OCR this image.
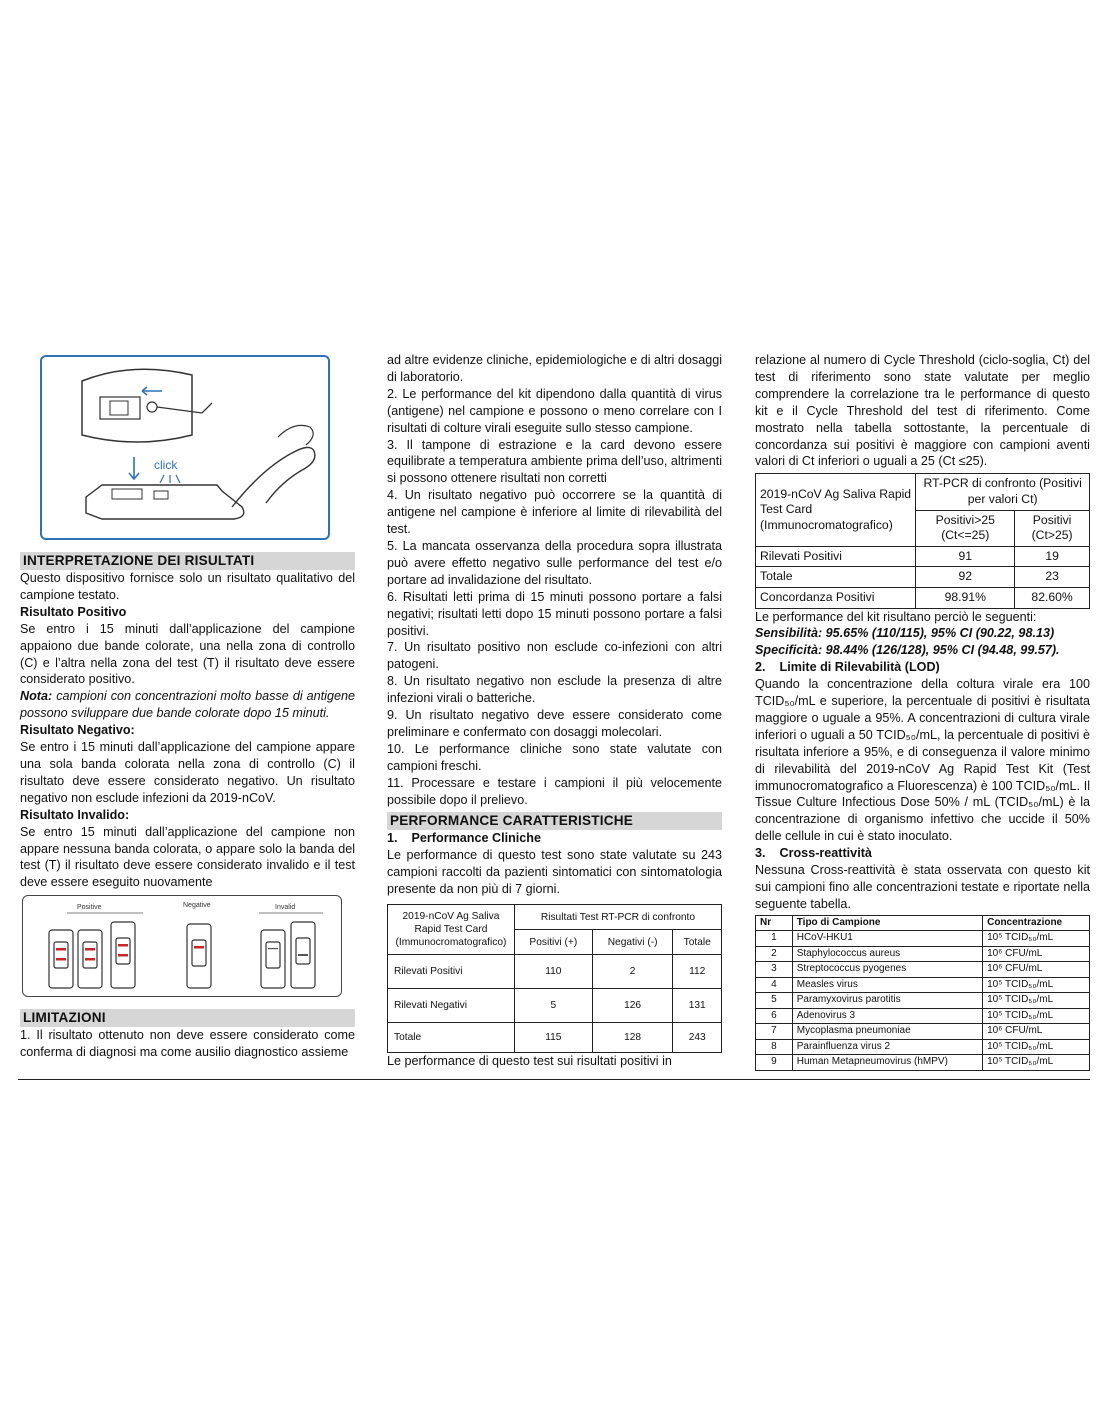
click

INTERPRETAZIONE DEI RISULTATI

Questo dispositivo fornisce solo un risultato qualitativo del campione testato.

Risultato Positivo

Se entro i 15 minuti dall’applicazione del campione appaiono due bande colorate, una nella zona di controllo (C) e l’altra nella zona del test (T) il risultato deve essere considerato positivo.

Nota: campioni con concentrazioni molto basse di antigene possono sviluppare due bande colorate dopo 15 minuti.

Risultato Negativo:

Se entro i 15 minuti dall’applicazione del campione appare una sola banda colorata nella zona di controllo (C) il risultato deve essere considerato negativo. Un risultato negativo non esclude infezioni da 2019-nCoV.

Risultato Invalido:

Se entro 15 minuti dall’applicazione del campione non appare nessuna banda colorata, o appare solo la banda del test (T) il risultato deve essere considerato invalido e il test deve essere eseguito nuovamente

Positive	Negative	Invalid

LIMITAZIONI

1. Il risultato ottenuto non deve essere considerato come conferma di diagnosi ma come ausilio diagnostico assieme

ad altre evidenze cliniche, epidemiologiche e di altri dosaggi di laboratorio.

2. Le performance del kit dipendono dalla quantità di virus (antigene) nel campione e possono o meno correlare con I risultati di colture virali eseguite sullo stesso campione.

3. Il tampone di estrazione e la card devono essere equilibrate a temperatura ambiente prima dell’uso, altrimenti si possono ottenere risultati non corretti

4. Un risultato negativo può occorrere se la quantità di antigene nel campione è inferiore al limite di rilevabilità del test.

5. La mancata osservanza della procedura sopra illustrata può avere effetto negativo sulle performance del test e/o portare ad invalidazione del risultato.

6. Risultati letti prima di 15 minuti possono portare a falsi negativi; risultati letti dopo 15 minuti possono portare a falsi positivi.

7. Un risultato positivo non esclude co-infezioni con altri patogeni.

8. Un risultato negativo non esclude la presenza di altre infezioni virali o batteriche.

9. Un risultato negativo deve essere considerato come preliminare e confermato con dosaggi molecolari.

10. Le performance cliniche sono state valutate con campioni freschi.

11. Processare e testare i campioni il più velocemente possibile dopo il prelievo.

PERFORMANCE CARATTERISTICHE

1.    Performance Cliniche

Le performance di questo test sono state valutate su 243 campioni raccolti da pazienti sintomatici con sintomatologia presente da non più di 7 giorni.

2019-nCoV Ag Saliva Rapid Test Card (Immunocromatografico)	Risultati Test RT-PCR di confronto		
	Positivi (+)	Negativi (-)	Totale
Rilevati Positivi	110	2	112
Rilevati Negativi	5	126	131
Totale	115	128	243

Le performance di questo test sui risultati positivi in

relazione al numero di Cycle Threshold (ciclo-soglia, Ct) del test di riferimento sono state valutate per meglio comprendere la correlazione tra le performance di questo kit e il Cycle Threshold del test di riferimento. Come mostrato nella tabella sottostante, la percentuale di concordanza sui positivi è maggiore con campioni aventi valori di Ct inferiori o uguali a 25 (Ct ≤25).

2019-nCoV Ag Saliva Rapid Test Card (Immunocromatografico)	RT-PCR di confronto (Positivi per valori Ct)	
	Positivi>25 (Ct<=25)	Positivi (Ct>25)
Rilevati Positivi	91	19
Totale	92	23
Concordanza Positivi	98.91%	82.60%

Le performance del kit risultano perciò le seguenti:

Sensibilità: 95.65% (110/115), 95% CI (90.22, 98.13)

Specificità: 98.44% (126/128), 95% CI (94.48, 99.57).

2.    Limite di Rilevabilità (LOD)

Quando la concentrazione della coltura virale era 100 TCID₅₀/mL e superiore, la percentuale di positivi è risultata maggiore o uguale a 95%. A concentrazioni di cultura virale inferiori o uguali a 50 TCID₅₀/mL, la percentuale di positivi è risultata inferiore a 95%, e di conseguenza il valore minimo di rilevabilità del 2019-nCoV Ag Rapid Test Kit (Test immunocromatografico a Fluorescenza) è 100 TCID₅₀/mL. Il Tissue Culture Infectious Dose 50% / mL (TCID₅₀/mL) è la concentrazione di organismo infettivo che uccide il 50% delle cellule in cui è stato inoculato.

3.    Cross-reattività

Nessuna Cross-reattività è stata osservata con questo kit sui campioni fino alle concentrazioni testate e riportate nella seguente tabella.

Nr	Tipo di Campione	Concentrazione
1	HCoV-HKU1	10⁵ TCID₅₀/mL
2	Staphylococcus aureus	10⁶ CFU/mL
3	Streptococcus pyogenes	10⁶ CFU/mL
4	Measles virus	10⁵ TCID₅₀/mL
5	Paramyxovirus parotitis	10⁵ TCID₅₀/mL
6	Adenovirus 3	10⁵ TCID₅₀/mL
7	Mycoplasma pneumoniae	10⁶ CFU/mL
8	Parainfluenza virus 2	10⁵ TCID₅₀/mL
9	Human Metapneumovirus (hMPV)	10⁵ TCID₅₀/mL
